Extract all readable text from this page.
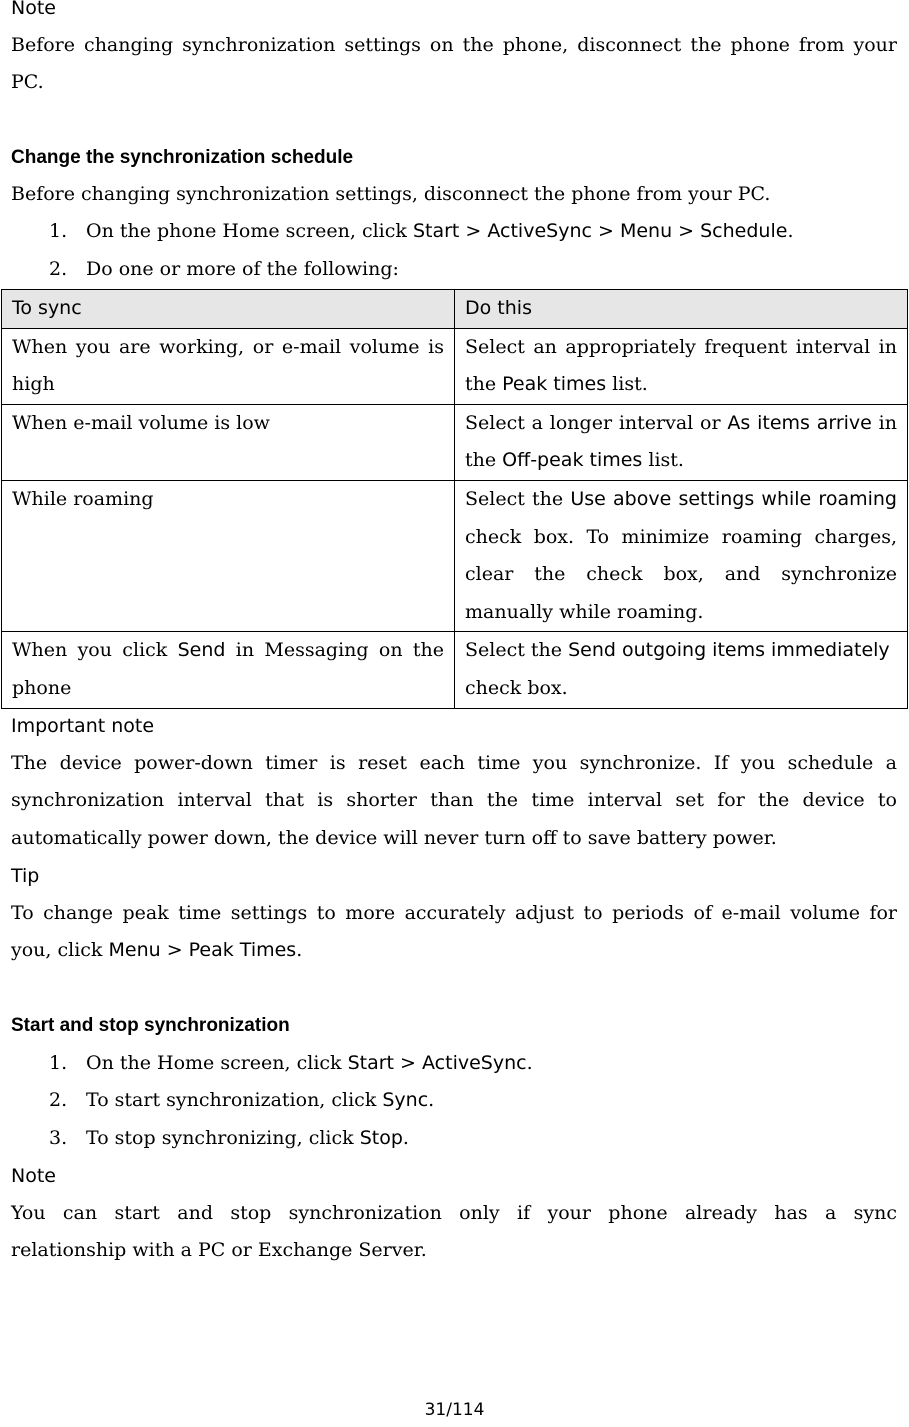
Note
Before changing synchronization settings on the phone, disconnect the phone from your
PC.
Change the synchronization schedule
Before changing synchronization settings, disconnect the phone from your PC.
1. On the phone Home screen, click Start > ActiveSync > Menu > Schedule.
2. Do one or more of the following:
To sync	Do this
When you are working, or e-mail volume is high	Select an appropriately frequent interval in the Peak times list.
When e-mail volume is low	Select a longer interval or As items arrive in the Off-peak times list.
While roaming	Select the Use above settings while roaming check box. To minimize roaming charges, clear the check box, and synchronize manually while roaming.
When you click Send in Messaging on the phone	Select the Send outgoing items immediately check box.
Important note
The device power-down timer is reset each time you synchronize. If you schedule a
synchronization interval that is shorter than the time interval set for the device to
automatically power down, the device will never turn off to save battery power.
Tip
To change peak time settings to more accurately adjust to periods of e-mail volume for
you, click Menu > Peak Times.
Start and stop synchronization
1. On the Home screen, click Start > ActiveSync.
2. To start synchronization, click Sync.
3. To stop synchronizing, click Stop.
Note
You can start and stop synchronization only if your phone already has a sync
relationship with a PC or Exchange Server.
31/114
